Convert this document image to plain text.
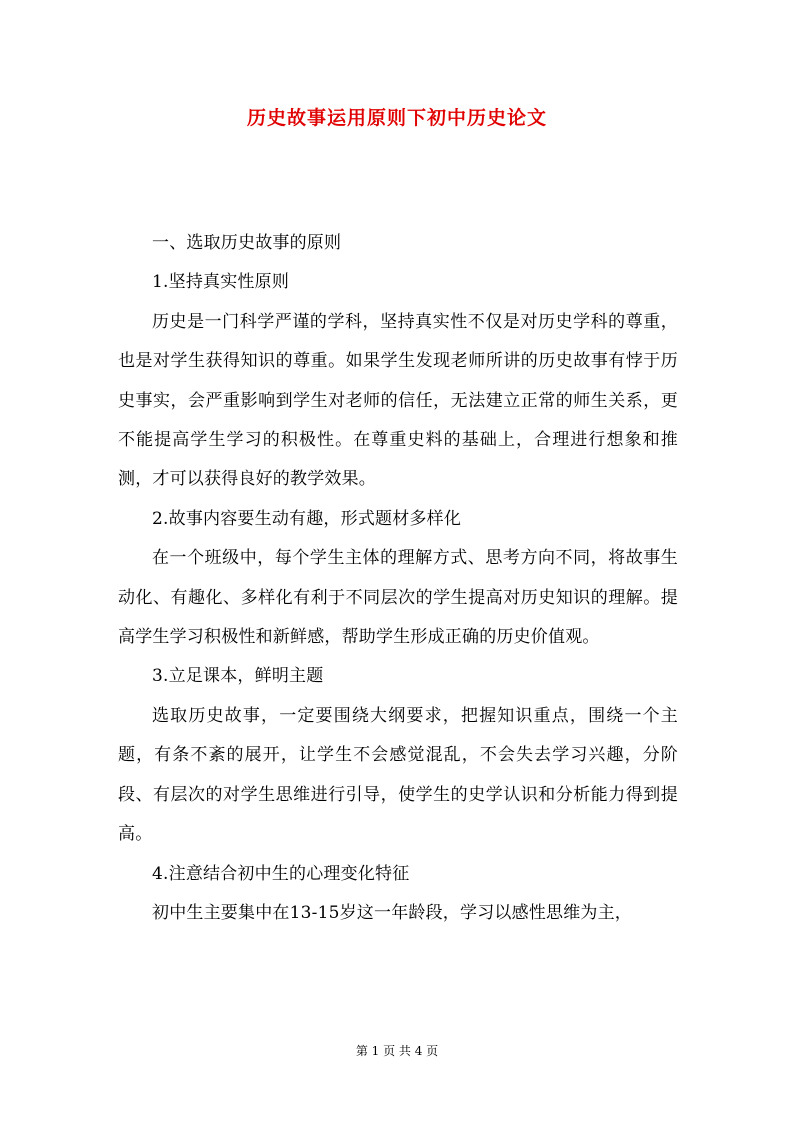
历史故事运用原则下初中历史论文

一、选取历史故事的原则

1.坚持真实性原则

历史是一门科学严谨的学科，坚持真实性不仅是对历史学科的尊重，也是对学生获得知识的尊重。如果学生发现老师所讲的历史故事有悖于历史事实，会严重影响到学生对老师的信任，无法建立正常的师生关系，更不能提高学生学习的积极性。在尊重史料的基础上，合理进行想象和推测，才可以获得良好的教学效果。

2.故事内容要生动有趣，形式题材多样化

在一个班级中，每个学生主体的理解方式、思考方向不同，将故事生动化、有趣化、多样化有利于不同层次的学生提高对历史知识的理解。提高学生学习积极性和新鲜感，帮助学生形成正确的历史价值观。

3.立足课本，鲜明主题

选取历史故事，一定要围绕大纲要求，把握知识重点，围绕一个主题，有条不紊的展开，让学生不会感觉混乱，不会失去学习兴趣，分阶段、有层次的对学生思维进行引导，使学生的史学认识和分析能力得到提高。

4.注意结合初中生的心理变化特征

初中生主要集中在13-15岁这一年龄段，学习以感性思维为主，

第 1 页 共 4 页
